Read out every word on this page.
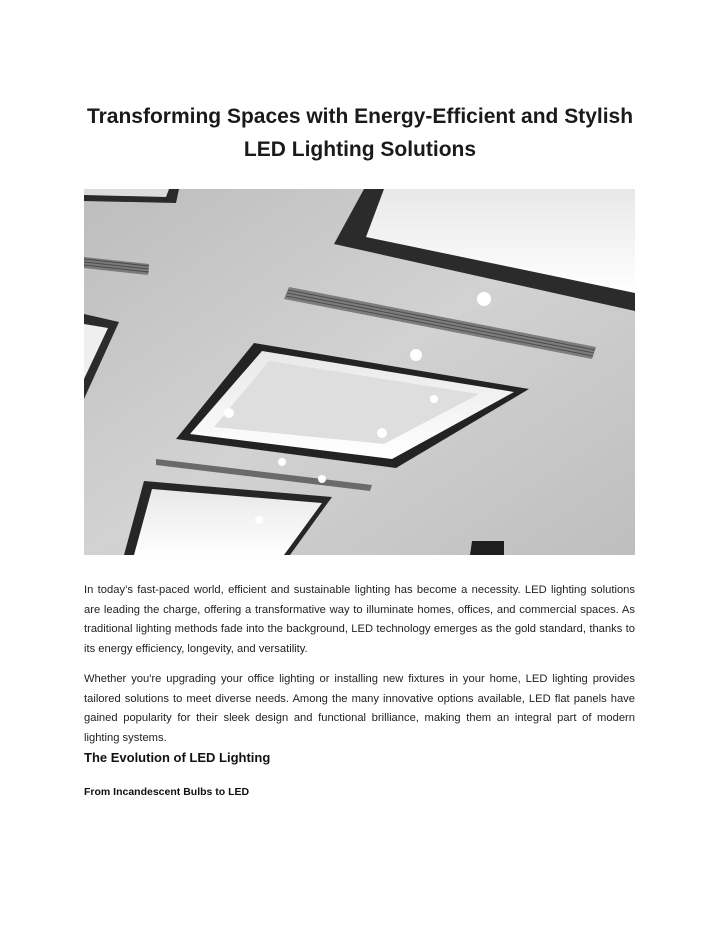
Transforming Spaces with Energy-Efficient and Stylish LED Lighting Solutions

In today’s fast-paced world, efficient and sustainable lighting has become a necessity. LED lighting solutions are leading the charge, offering a transformative way to illuminate homes, offices, and commercial spaces. As traditional lighting methods fade into the background, LED technology emerges as the gold standard, thanks to its energy efficiency, longevity, and versatility.

Whether you're upgrading your office lighting or installing new fixtures in your home, LED lighting provides tailored solutions to meet diverse needs. Among the many innovative options available, LED flat panels have gained popularity for their sleek design and functional brilliance, making them an integral part of modern lighting systems.

The Evolution of LED Lighting
From Incandescent Bulbs to LED
